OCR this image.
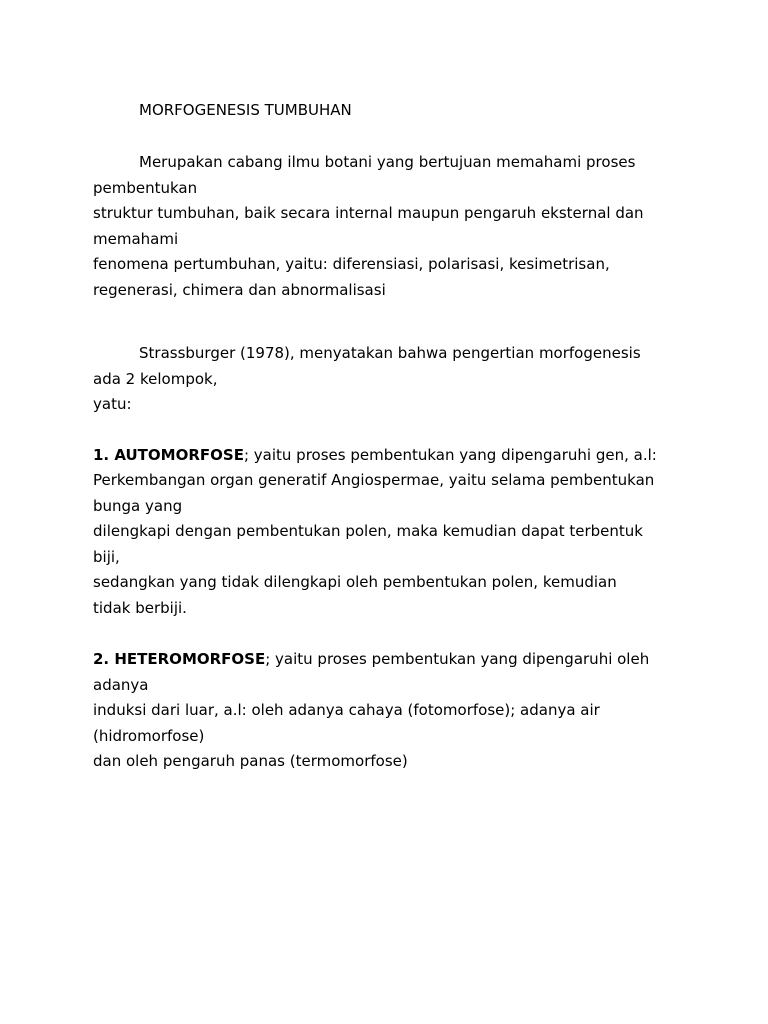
MORFOGENESIS TUMBUHAN
Merupakan cabang ilmu botani yang bertujuan memahami proses
pembentukan
struktur tumbuhan, baik secara internal maupun pengaruh eksternal dan
memahami
fenomena pertumbuhan, yaitu: diferensiasi, polarisasi, kesimetrisan,
regenerasi, chimera dan abnormalisasi
Strassburger (1978), menyatakan bahwa pengertian morfogenesis
ada 2 kelompok,
yatu:
1. AUTOMORFOSE; yaitu proses pembentukan yang dipengaruhi gen, a.l:
Perkembangan organ generatif Angiospermae, yaitu selama pembentukan
bunga yang
dilengkapi dengan pembentukan polen, maka kemudian dapat terbentuk
biji,
sedangkan yang tidak dilengkapi oleh pembentukan polen, kemudian
tidak berbiji.
2. HETEROMORFOSE; yaitu proses pembentukan yang dipengaruhi oleh
adanya
induksi dari luar, a.l: oleh adanya cahaya (fotomorfose); adanya air
(hidromorfose)
dan oleh pengaruh panas (termomorfose)
